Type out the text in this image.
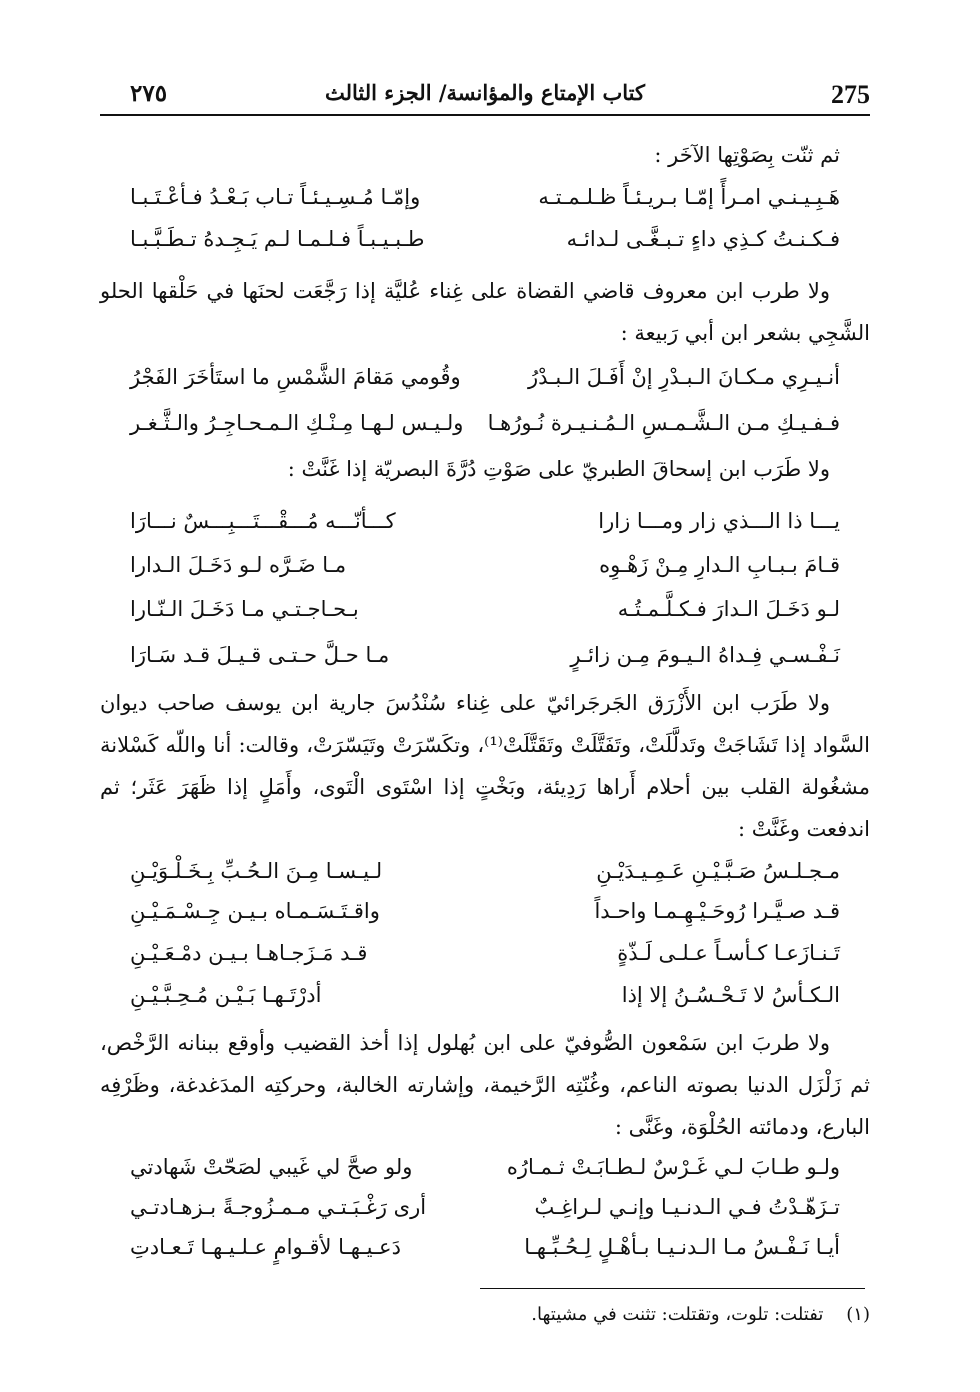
275
كتاب الإمتاع والمؤانسة/ الجزء الثالث
٢٧٥
ثم ثنّت بِصَوْتِها الآخَر :
هَـبِـيـنـي امـرأً إمّـا بـريـئـاً ظـلـمـتـه
وإمّـا مُـسِـيـئـاً تـاب بَـعْـدُ فـأعْـتَـبـا
فـكـنـتُ كـذِي داءٍ تـبـغَّـى لـدائـه
طـبـيـبـاً فـلـمـا لـم يَـجِـدهُ تـطَـبَّـبـا
ولا طرب ابن معروف قاضي القضاة على غِناء عُليَّة إذا رَجَّعَت لحنَها في حَلْقها الحلو الشَّجِي بشعر ابن أبي رَبيعة :
أنـيـرِي مـكـانَ الـبـدْرِ إنْ أَفَـلَ الـبـدْرُ
وقُومي مَقامَ الشَّمْسِ ما استَأخَرَ الفَجْرُ
فـفـيـكِ مـن الـشَّـمـسِ الـمُـنـيـرة نُـورُهـا
ولـيـس لـهـا مِـنْـكِ الـمـحـاجِـرُ والـثَّـغـر
ولا طَرَب ابن إسحاقَ الطبريّ على صَوْتِ دُرَّةَ البصريّة إذا غَنَّتْ :
يـــا ذا الـــذي زار ومـــا زارا
كـــأنّـــه مُـــقْـــتَـــبِـــسٌ نـــارَا
قـامَ بـبـابِ الـدارِ مِـنْ زَهْـوِه
مـا ضَـرَّه لـو دَخَـلَ الـدارا
لـو دَخَـلَ الـدارَ فـكـلَّـمـتُـه
بـحـاجـتـي مـا دَخَـلَ الـنّـارا
نَـفْـسـي فِـداهُ الـيـومَ مِـن زائـرٍ
مـا حـلَّ حـتـى قـيـلَ قـد سَـارَا
ولا طَرَب ابن الأَزْرَق الجَرجَرائيّ على غِناء سُنْدُسَ جارية ابن يوسف صاحب ديوان السَّواد إذا تَشَاجَتْ وتَدلَّلَتْ، وتَفَتَّلَتْ وتَقَتَّلَتْ⁽¹⁾، وتكَسّرَتْ وتَيَسّرَتْ، وقالت: أنا واللّه كَسْلانة مشغُولة القلب بين أحلام أَراها رَدِيئة، وبَخْتٍ إذا اسْتَوى الْتَوى، وأَمَلٍ إذا ظَهَرَ عَثَر؛ ثم اندفعت وغَنَّتْ :
مـجـلـسُ صَـبَّـيْـنِ عَـمِـيـدَيْـنِ
لـيـسـا مِـنَ الـحُـبِّ بِـخَـلْـوَيْـنِ
قـد صـيَّـرا رُوحَـيْـهِـمـا واحـداً
واقـتَـسَـمـاه بـيـن جِـسْـمَـيْـنِ
تَـنـازَعـا كـأسـاً عـلـى لَـذّةٍ
قـد مَـزَجـاهـا بـيـن دمْـعَـيْـنِ
الـكـأسُ لا تَـحْـسُـنُ إلا إذا
أدرْتَـهـا بَـيْـن مُـحِـبَّـيْـنِ
ولا طربَ ابن سَمْعون الصُّوفيّ على ابن بُهلول إذا أخذ القضيب وأوقع ببنانه الرَّخْص، ثم زَلْزَل الدنيا بصوته الناعم، وغُنّتِه الرَّخيمة، وإشارته الخالبة، وحركتِه المدَغدغة، وظَرْفِه البارع، ودمائته الحُلْوَة، وغَنَّى :
ولـو طـابَ لـي غَـرْسٌ لـطـابَـتْ ثـمـارُه
ولو صحَّ لي غَيبي لصَحّتْ شَهادتي
تـزَهّـدْتُ فـي الـدنـيـا وإنـي لـراغِـبٌ
أرى رَغْـبَـتـي مـمـزُوجـةً بـزهـادتـي
أيـا نَـفْـسُ مـا الـدنـيـا بـأهْـلٍ لِـحُـبِّـهـا
دَعـيـهـا لأقـوامٍ عـلـيـهـا تَـعـادتِ
(١)    تفتلت: تلوت، وتقتلت: تثنت في مشيتها.
